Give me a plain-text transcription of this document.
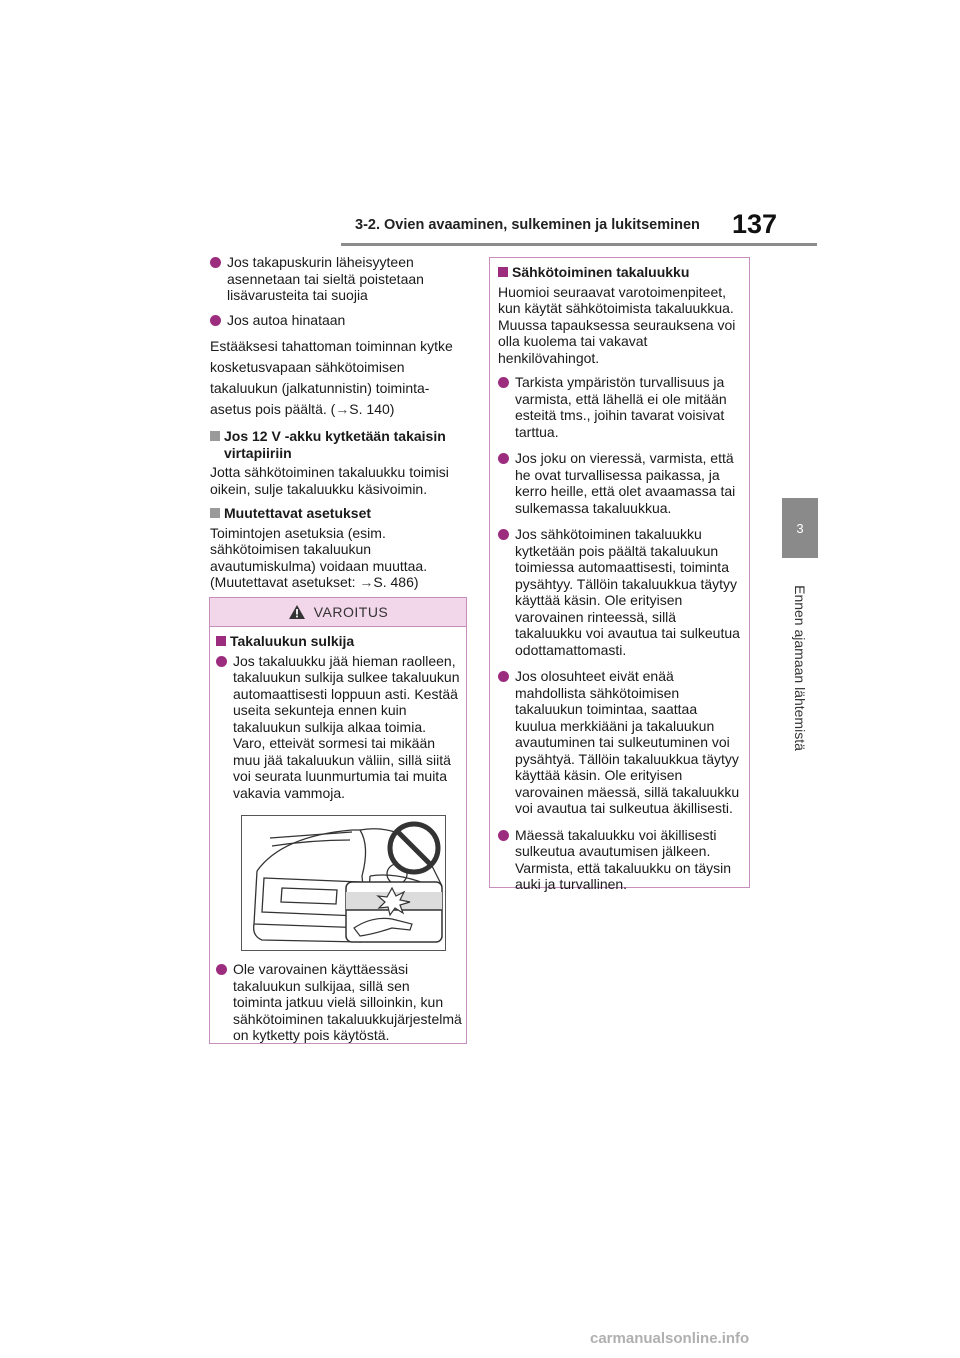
3-2. Ovien avaaminen, sulkeminen ja lukitseminen 137
3
Ennen ajamaan lähtemistä
Jos takapuskurin läheisyyteen asennetaan tai sieltä poistetaan lisävarusteita tai suojia
Jos autoa hinataan

Estääksesi tahattoman toiminnan kytke kosketusvapaan sähkötoimisen takaluukun (jalkatunnistin) toiminta-asetus pois päältä. (→S. 140)

Jos 12 V -akku kytketään takaisin virtapiiriin

Jotta sähkötoiminen takaluukku toimisi oikein, sulje takaluukku käsivoimin.

Muutettavat asetukset

Toimintojen asetuksia (esim. sähkötoimisen takaluukun avautumiskulma) voidaan muuttaa. (Muutettavat asetukset: →S. 486)

VAROITUS
Takaluukun sulkija
Jos takaluukku jää hieman raolleen, takaluukun sulkija sulkee takaluukun automaattisesti loppuun asti. Kestää useita sekunteja ennen kuin takaluukun sulkija alkaa toimia. Varo, etteivät sormesi tai mikään muu jää takaluukun väliin, sillä siitä voi seurata luunmurtumia tai muita vakavia vammoja.
Ole varovainen käyttäessäsi takaluukun sulkijaa, sillä sen toiminta jatkuu vielä silloinkin, kun sähkötoiminen takaluukkujärjestelmä on kytketty pois käytöstä.
Sähkötoiminen takaluukku

Huomioi seuraavat varotoimenpiteet, kun käytät sähkötoimista takaluukkua. Muussa tapauksessa seurauksena voi olla kuolema tai vakavat henkilövahingot.

Tarkista ympäristön turvallisuus ja varmista, että lähellä ei ole mitään esteitä tms., joihin tavarat voisivat tarttua.
Jos joku on vieressä, varmista, että he ovat turvallisessa paikassa, ja kerro heille, että olet avaamassa tai sulkemassa takaluukkua.
Jos sähkötoiminen takaluukku kytketään pois päältä takaluukun toimiessa automaattisesti, toiminta pysähtyy. Tällöin takaluukkua täytyy käyttää käsin. Ole erityisen varovainen rinteessä, sillä takaluukku voi avautua tai sulkeutua odottamattomasti.
Jos olosuhteet eivät enää mahdollista sähkötoimisen takaluukun toimintaa, saattaa kuulua merkkiääni ja takaluukun avautuminen tai sulkeutuminen voi pysähtyä. Tällöin takaluukkua täytyy käyttää käsin. Ole erityisen varovainen mäessä, sillä takaluukku voi avautua tai sulkeutua äkillisesti.
Mäessä takaluukku voi äkillisesti sulkeutua avautumisen jälkeen. Varmista, että takaluukku on täysin auki ja turvallinen.
carmanualsonline.info
